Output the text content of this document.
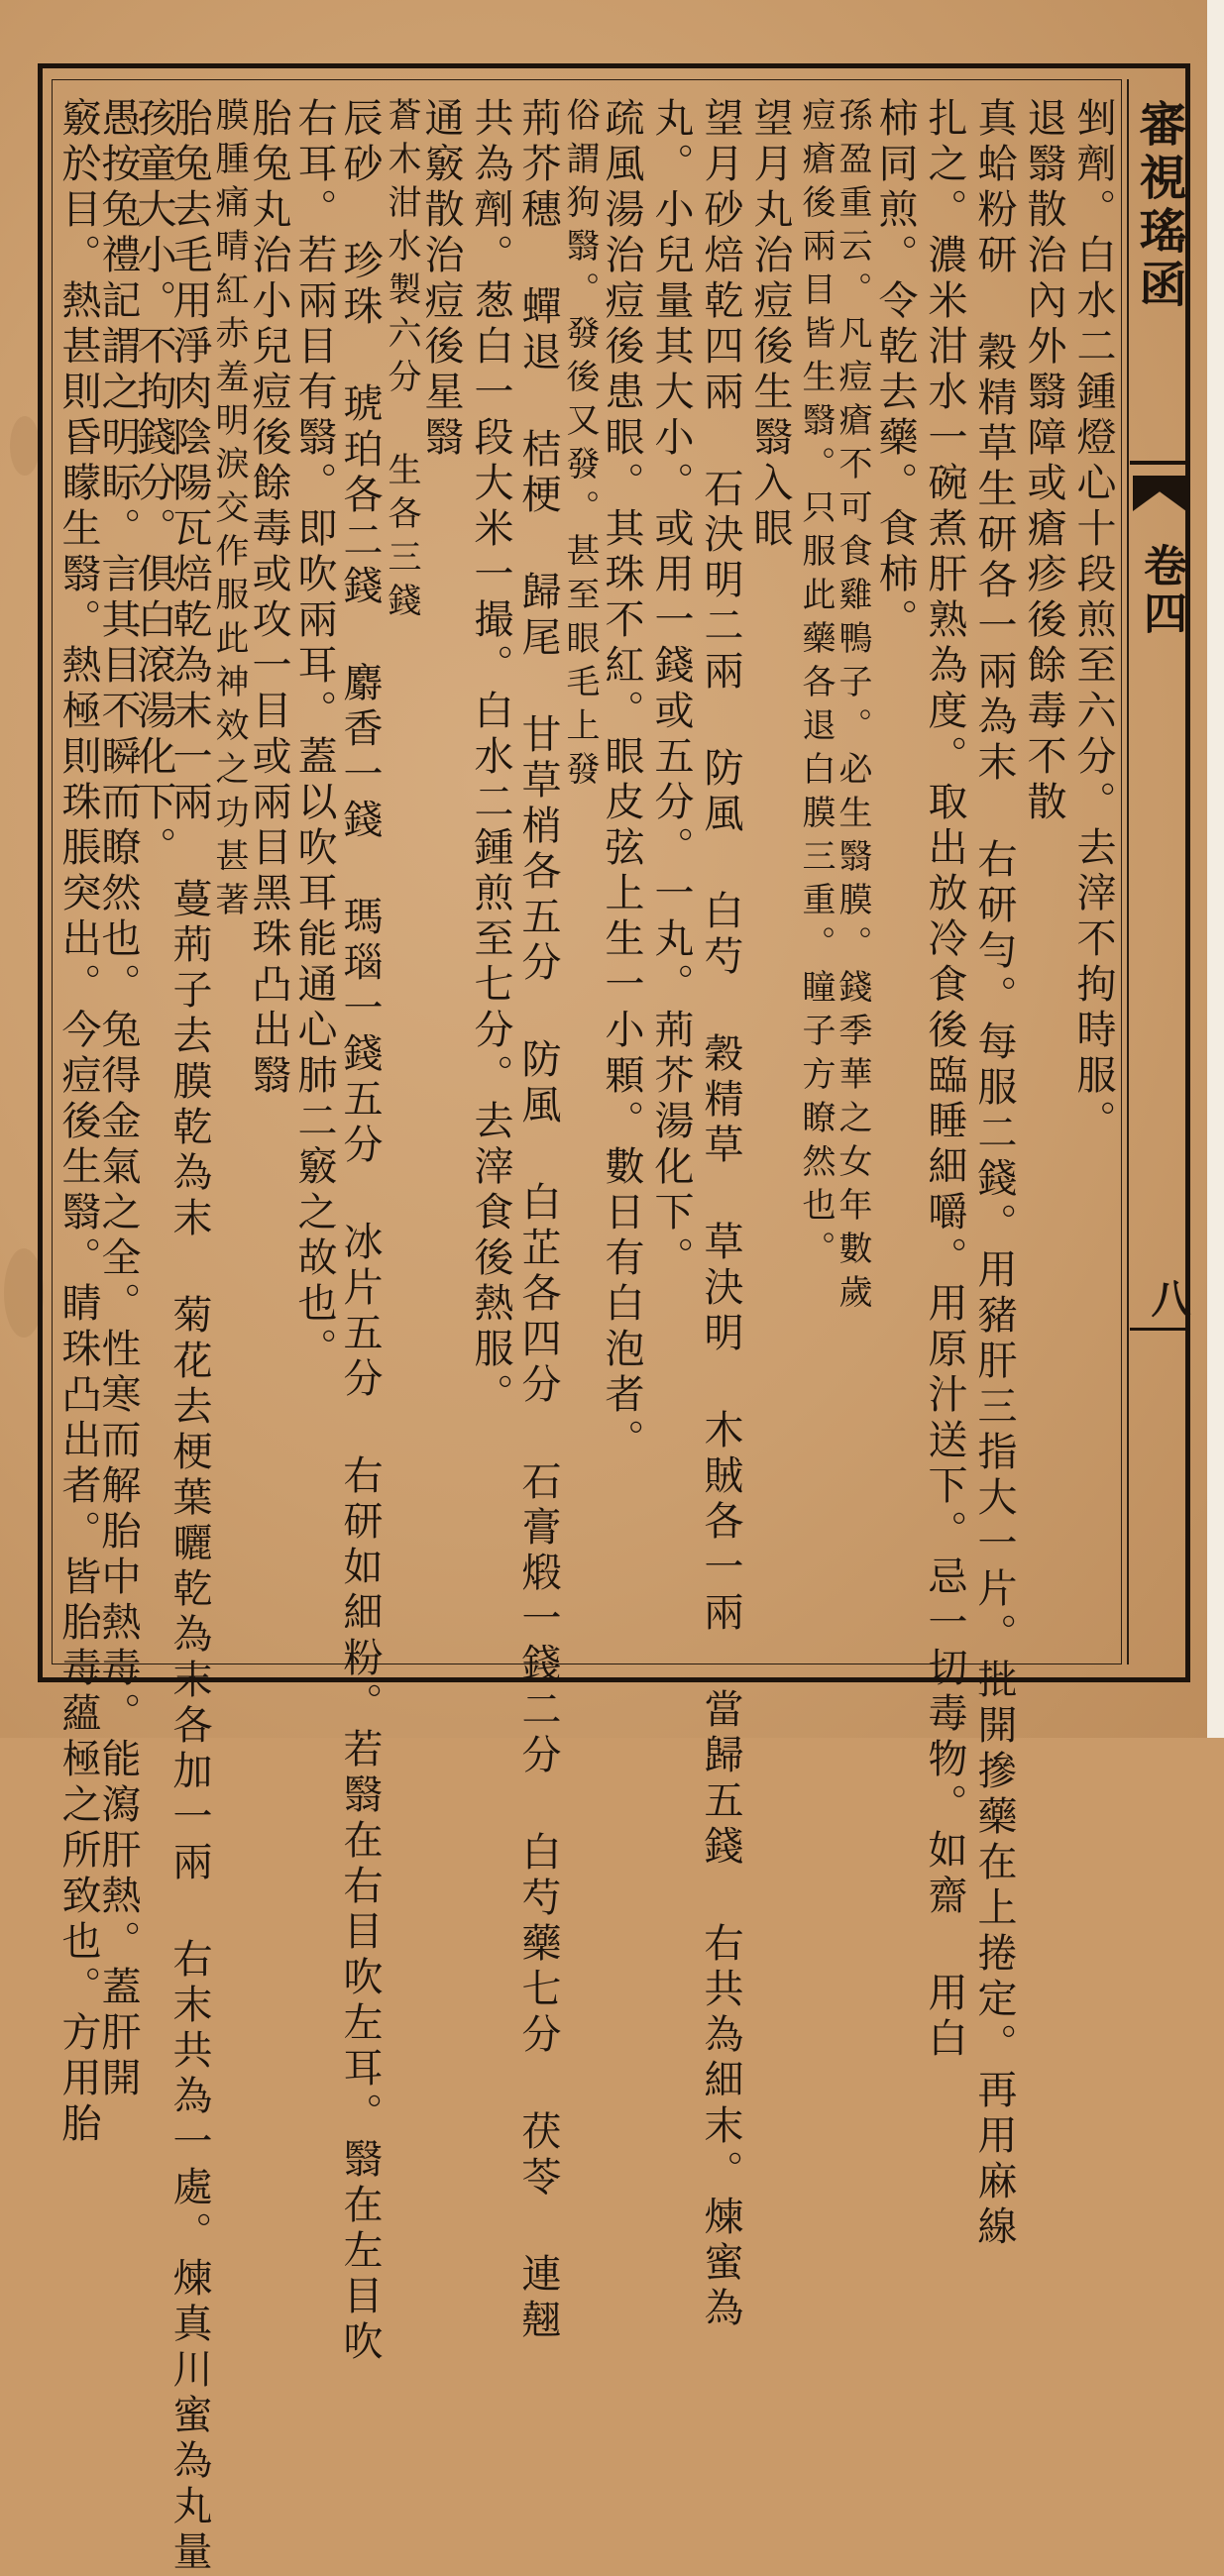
審視瑤函
卷四
八
剉劑。白水二鍾燈心十段煎至六分。去滓不拘時服。
退翳散治內外翳障或瘡疹後餘毒不散
真蛤粉研 穀精草生研各一兩為末 右研勻。每服二錢。用豬肝三指大一片。批開摻藥在上捲定。再用麻線
扎之。濃米泔水一碗煮肝熟為度。取出放冷食後臨睡細嚼。用原汁送下。忌一切毒物。如齋 用白
柿同煎。令乾去藥。食柿。
孫盈重云。凡痘瘡不可食雞鴨子。必生翳膜。錢季華之女年數歲
痘瘡後兩目皆生翳。只服此藥各退白膜三重。瞳子方瞭然也。
望月丸治痘後生翳入眼
望月砂焙乾四兩 石決明二兩 防風 白芍 穀精草 草決明 木賊各一兩 當歸五錢 右共為細末。煉蜜為
丸。小兒量其大小。或用一錢或五分。一丸。荊芥湯化下。
疏風湯治痘後患眼。其珠不紅。眼皮弦上生一小顆。數日有白泡者。
俗謂狗翳。發後又發。甚至眼毛上發
荊芥穗 蟬退 桔梗 歸尾 甘草梢各五分 防風 白芷各四分 石膏煅一錢二分 白芍藥七分 茯苓 連翹
共為劑。葱白一段大米一撮。白水二鍾煎至七分。去滓食後熱服。
通竅散治痘後星翳
蒼木泔水製六分 生各三錢
辰砂 珍珠 琥珀各二錢 麝香一錢 瑪瑙一錢五分 冰片五分 右研如細粉。若翳在右目吹左耳。翳在左目吹
右耳。若兩目有翳。即吹兩耳。蓋以吹耳能通心肺二竅之故也。
胎兔丸治小兒痘後餘毒或攻一目或兩目黑珠凸出翳
膜腫痛晴紅赤羞明淚交作服此神效之功甚著
胎兔去毛用淨肉陰陽瓦焙乾為末一兩 蔓荊子去膜乾為末 菊花去梗葉曬乾為末各加一兩 右末共為一處。煉真川蜜為丸量
孩童大小。不拘錢分。俱白滾湯化下。
愚按兔禮記謂之明眎。言其目不瞬而瞭然也。兔得金氣之全。性寒而解胎中熱毒。能瀉肝熱。蓋肝開
竅於目。熱甚則昏矇生翳。熱極則珠脹突出。今痘後生翳。睛珠凸出者。皆胎毒蘊極之所致也。方用胎
